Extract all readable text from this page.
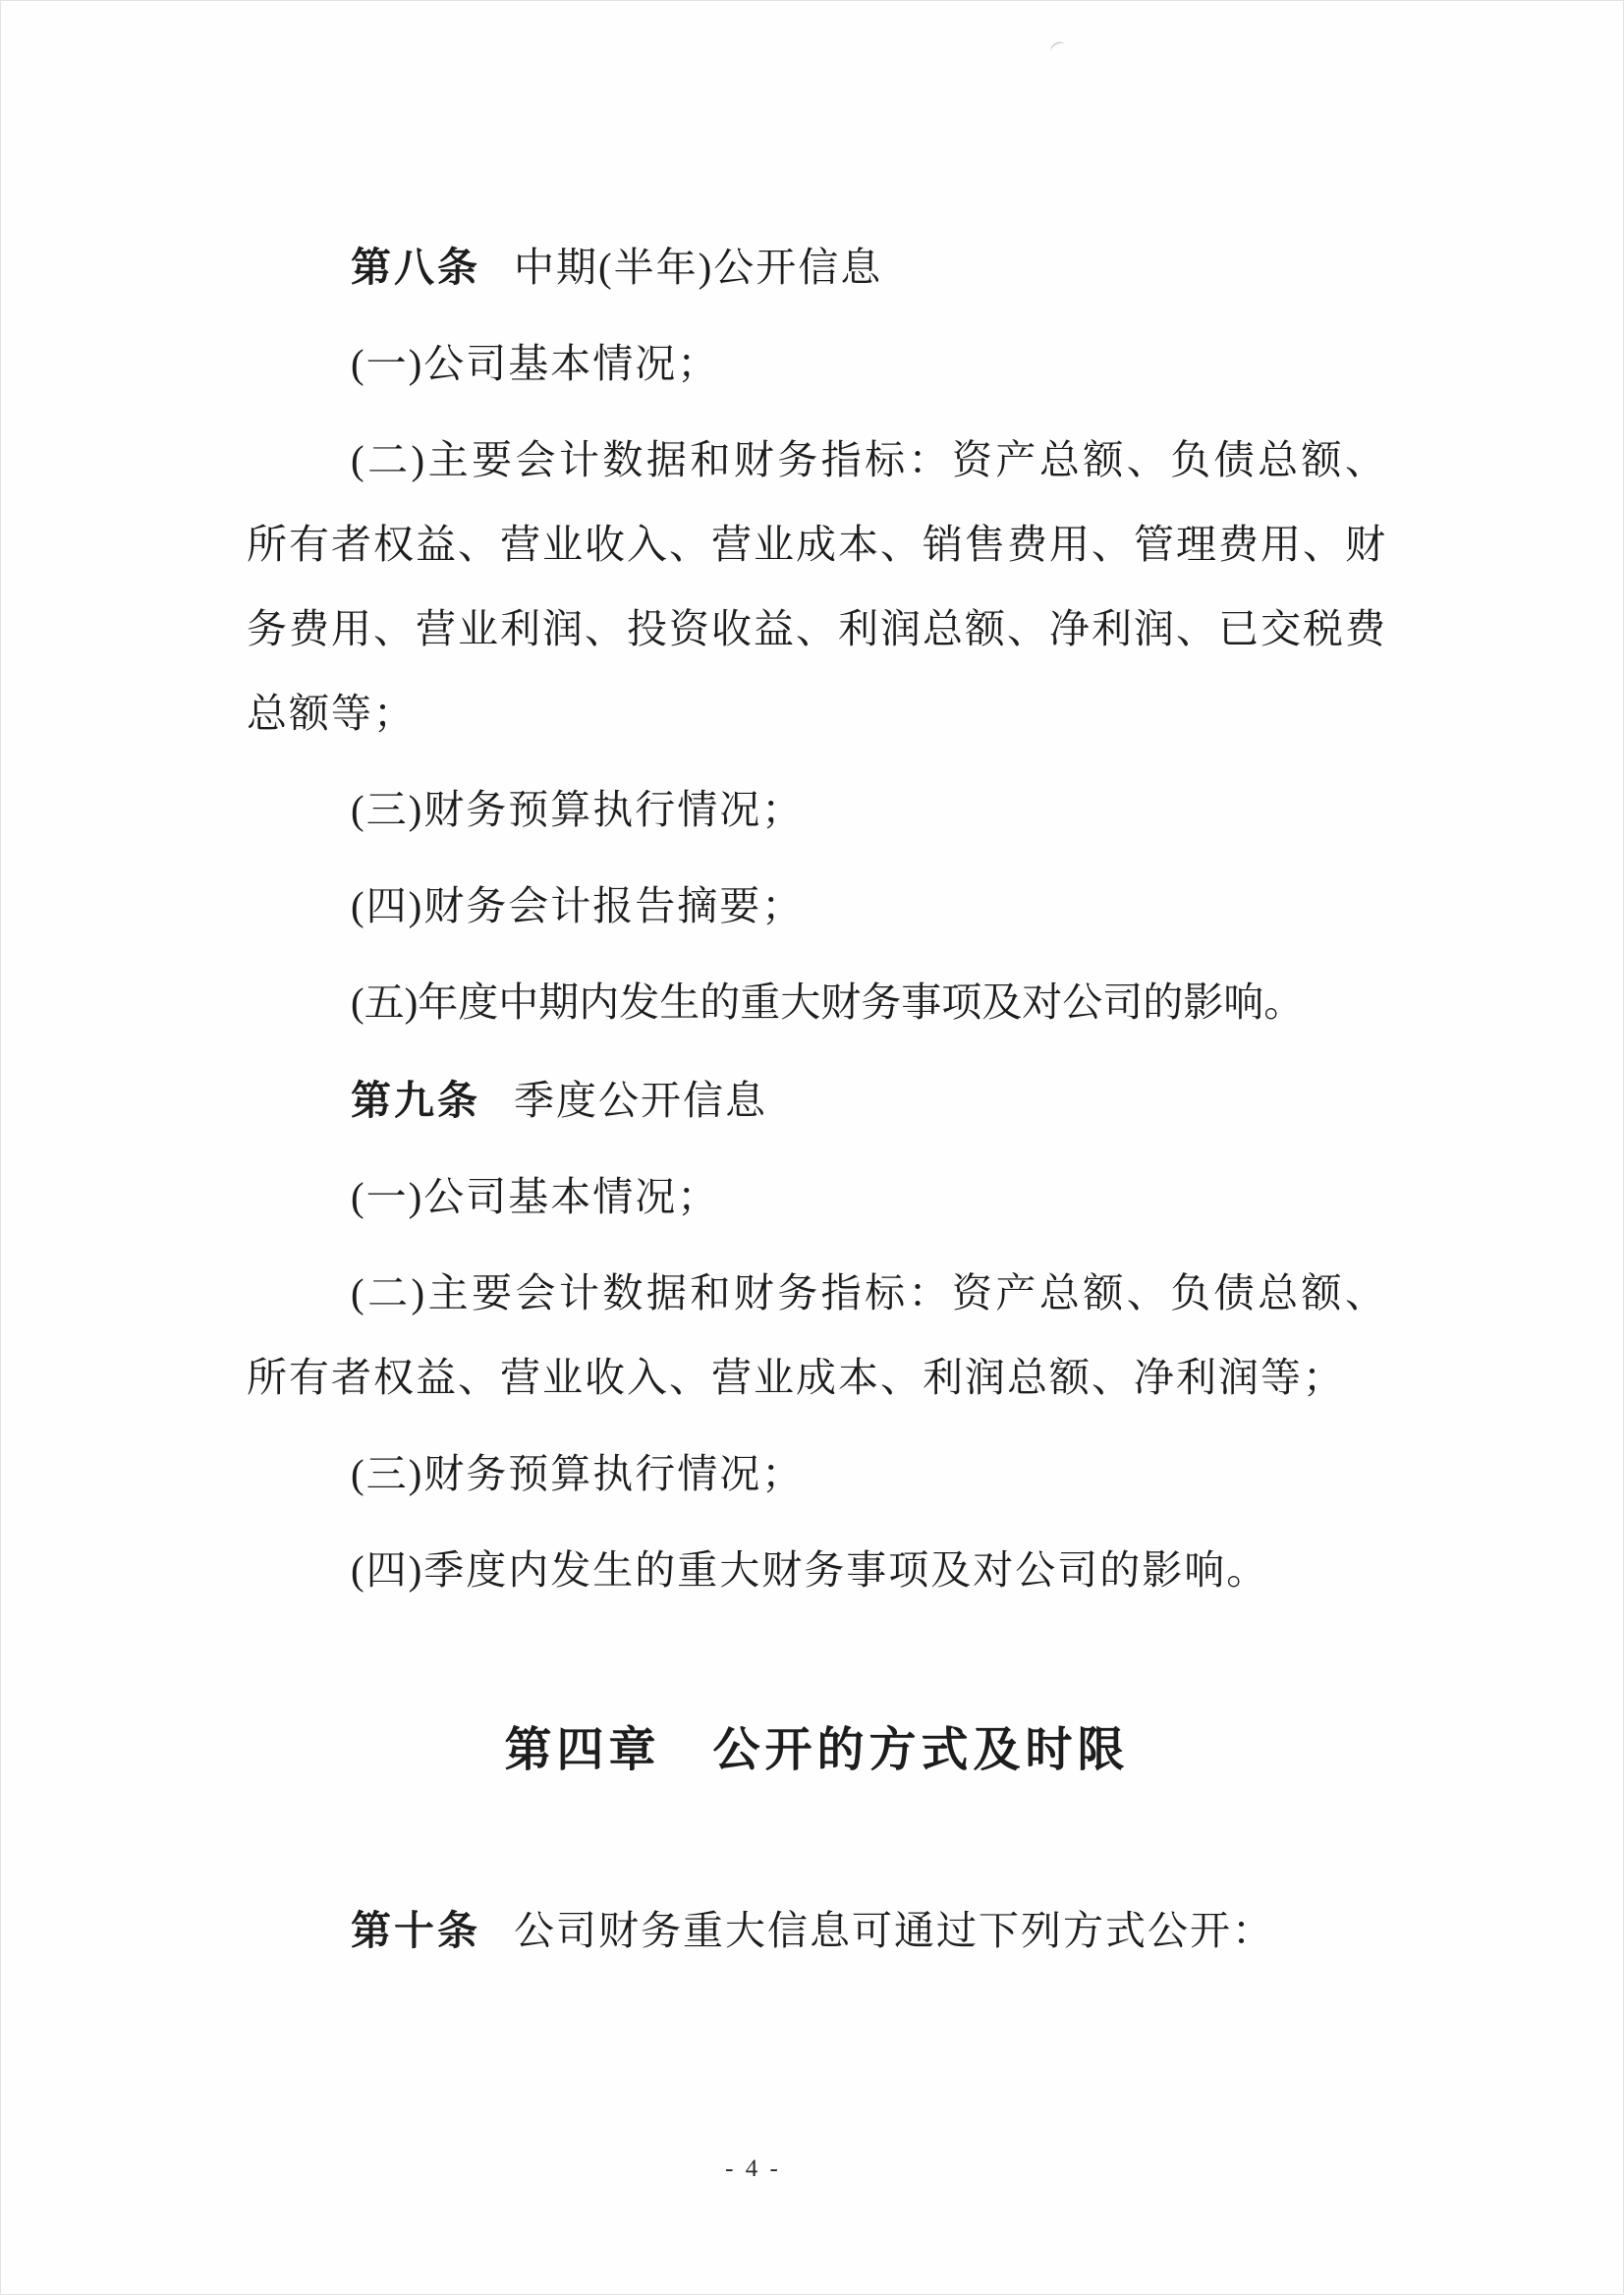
第八条 中期(半年)公开信息

(一)公司基本情况；

(二)主要会计数据和财务指标：资产总额、负债总额、所有者权益、营业收入、营业成本、销售费用、管理费用、财务费用、营业利润、投资收益、利润总额、净利润、已交税费总额等；

(三)财务预算执行情况；

(四)财务会计报告摘要；

(五)年度中期内发生的重大财务事项及对公司的影响。

第九条 季度公开信息

(一)公司基本情况；

(二)主要会计数据和财务指标：资产总额、负债总额、所有者权益、营业收入、营业成本、利润总额、净利润等；

(三)财务预算执行情况；

(四)季度内发生的重大财务事项及对公司的影响。

第四章　公开的方式及时限

第十条 公司财务重大信息可通过下列方式公开：

- 4 -
